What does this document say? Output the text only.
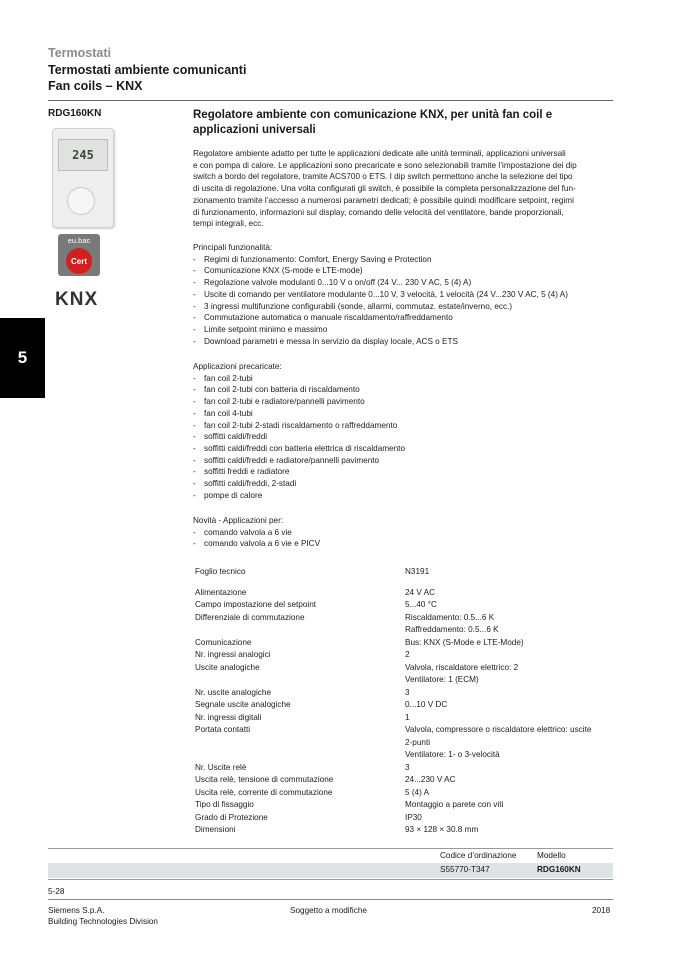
Termostati
Termostati ambiente comunicanti
Fan coils – KNX
5
RDG160KN
245
eu.bac
Cert
KNX
Regolatore ambiente con comunicazione KNX, per unità fan coil e applicazioni universali
Regolatore ambiente adatto per tutte le applicazioni dedicate alle unità terminali, applicazioni universali
e con pompa di calore. Le applicazioni sono precaricate e sono selezionabili tramite l’impostazione dei dip
switch a bordo del regolatore, tramite ACS700 o ETS. I dip switch permettono anche la selezione del tipo
di uscita di regolazione. Una volta configurati gli switch, è possibile la completa personalizzazione del fun-
zionamento tramite l’accesso a numerosi parametri dedicati; è possibile quindi modificare setpoint, regimi
di funzionamento, informazioni sul display, comando delle velocità del ventilatore, bande proporzionali,
tempi integrali, ecc.
Principali funzionalità:
- Regimi di funzionamento: Comfort, Energy Saving e Protection
- Comunicazione KNX (S-mode e LTE-mode)
- Regolazione valvole modulanti 0...10 V o on/off (24 V... 230 V AC, 5 (4) A)
- Uscite di comando per ventilatore modulante 0...10 V, 3 velocità, 1 velocità (24 V...230 V AC, 5 (4) A)
- 3 ingressi multifunzione configurabili (sonde, allarmi, commutaz. estate/inverno, ecc.)
- Commutazione automatica o manuale riscaldamento/raffreddamento
- Limite setpoint minimo e massimo
- Download parametri e messa in servizio da display locale, ACS o ETS
Applicazioni precaricate:
- fan coil 2-tubi
- fan coil 2-tubi con batteria di riscaldamento
- fan coil 2-tubi e radiatore/pannelli pavimento
- fan coil 4-tubi
- fan coil 2-tubi 2-stadi riscaldamento o raffreddamento
- soffitti caldi/freddi
- soffitti caldi/freddi con batteria elettrica di riscaldamento
- soffitti caldi/freddi e radiatore/pannelli pavimento
- soffitti freddi e radiatore
- soffitti caldi/freddi, 2-stadi
- pompe di calore
Novità - Applicazioni per:
- comando valvola a 6 vie
- comando valvola a 6 vie e PICV
Foglio tecnico	N3191
Alimentazione	24 V AC
Campo impostazione del setpoint	5...40 °C
Differenziale di commutazione	Riscaldamento: 0.5...6 K
Raffreddamento: 0.5...6 K
Comunicazione	Bus: KNX (S-Mode e LTE-Mode)
Nr. ingressi analogici	2
Uscite analogiche	Valvola, riscaldatore elettrico: 2
Ventilatore: 1 (ECM)
Nr. uscite analogiche	3
Segnale uscite analogiche	0...10 V DC
Nr. ingressi digitali	1
Portata contatti	Valvola, compressore o riscaldatore elettrico: uscite
2-punti
Ventilatore: 1- o 3-velocità
Nr. Uscite relè	3
Uscita relè, tensione di commutazione	24...230 V AC
Uscita relè, corrente di commutazione	5 (4) A
Tipo di fissaggio	Montaggio a parete con viti
Grado di Protezione	IP30
Dimensioni	93 × 128 × 30.8 mm
Codice d’ordinazione	Modello
S55770-T347	RDG160KN
5-28
Siemens S.p.A.
Building Technologies Division
Soggetto a modifiche	2018
